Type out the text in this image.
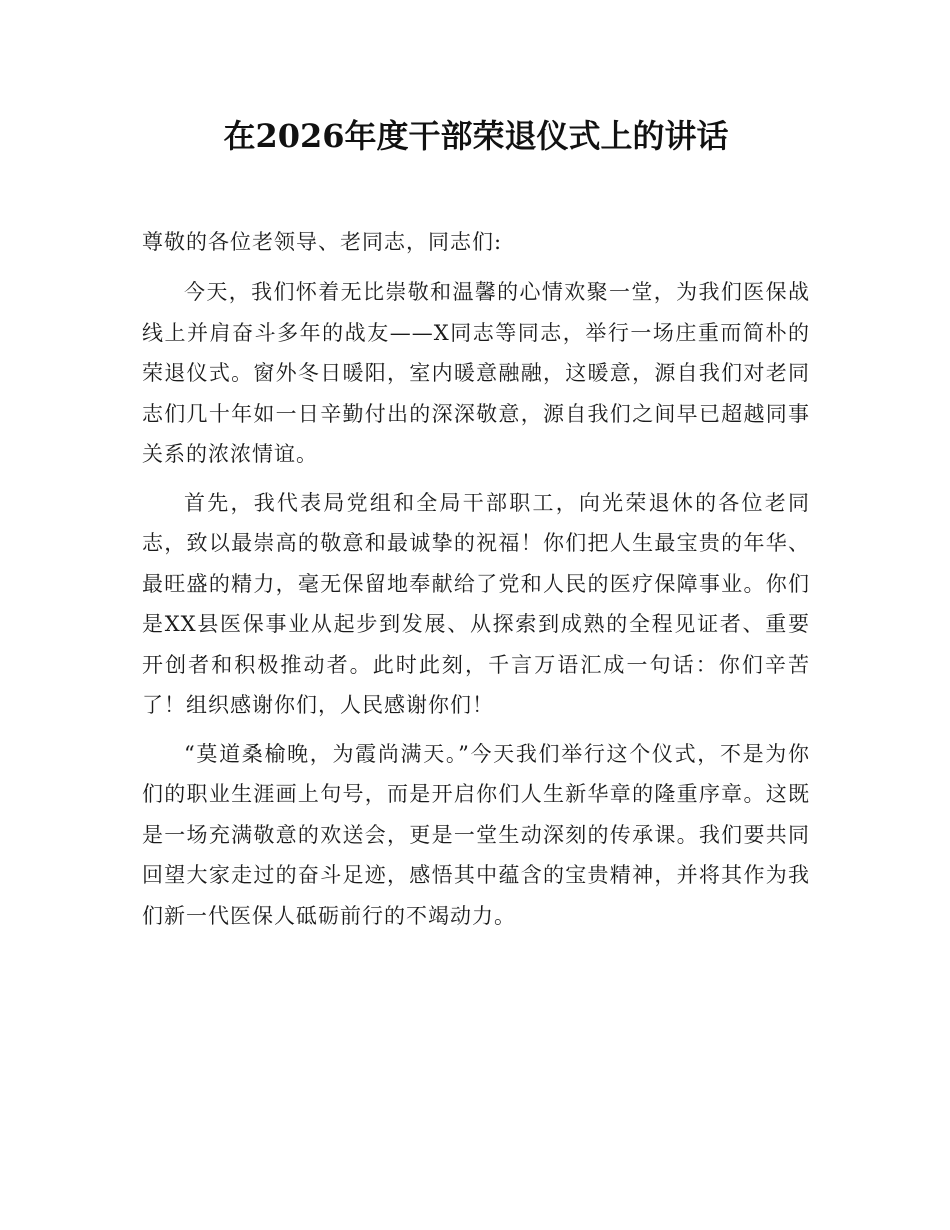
在2026年度干部荣退仪式上的讲话

尊敬的各位老领导、老同志，同志们:

今天，我们怀着无比崇敬和温馨的心情欢聚一堂，为我们医保战线上并肩奋斗多年的战友——X同志等同志，举行一场庄重而简朴的荣退仪式。窗外冬日暖阳，室内暖意融融，这暖意，源自我们对老同志们几十年如一日辛勤付出的深深敬意，源自我们之间早已超越同事关系的浓浓情谊。

首先，我代表局党组和全局干部职工，向光荣退休的各位老同志，致以最崇高的敬意和最诚挚的祝福！你们把人生最宝贵的年华、最旺盛的精力，毫无保留地奉献给了党和人民的医疗保障事业。你们是XX县医保事业从起步到发展、从探索到成熟的全程见证者、重要开创者和积极推动者。此时此刻，千言万语汇成一句话：你们辛苦了！组织感谢你们，人民感谢你们！

“莫道桑榆晚，为霞尚满天。”今天我们举行这个仪式，不是为你们的职业生涯画上句号，而是开启你们人生新华章的隆重序章。这既是一场充满敬意的欢送会，更是一堂生动深刻的传承课。我们要共同回望大家走过的奋斗足迹，感悟其中蕴含的宝贵精神，并将其作为我们新一代医保人砥砺前行的不竭动力。
